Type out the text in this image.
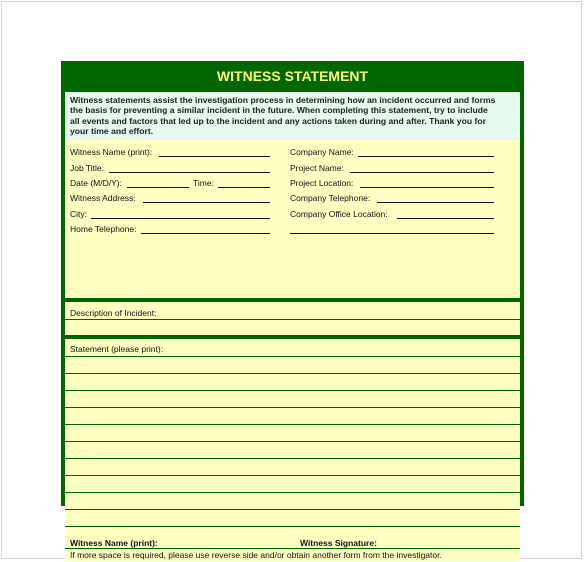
WITNESS STATEMENT
Witness statements assist the investigation process in determining how an incident occurred and forms
the basis for preventing a similar incident in the future. When completing this statement, try to include
all events and factors that led up to the incident and any actions taken during and after. Thank you for
your time and effort.
Witness Name (print):
Job Title:
Date (M/D/Y):	Time:
Witness Address:
City:
Home Telephone:
Company Name:
Project Name:
Project Location:
Company Telephone:
Company Office Location:
Description of Incident:
Statement (please print):
Witness Name (print):	Witness Signature:
If more space is required, please use reverse side and/or obtain another form from the investigator.
